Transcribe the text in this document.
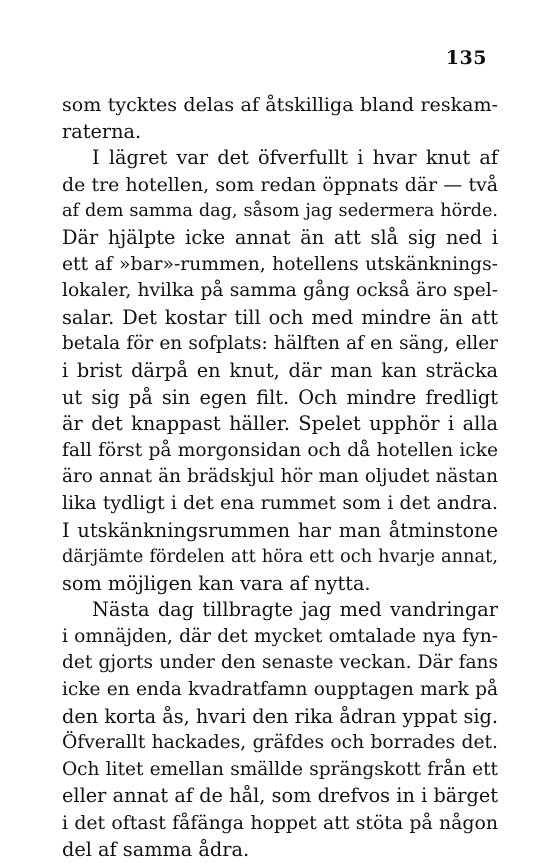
135
som tycktes delas af åtskilliga bland reskam-
raterna.
I lägret var det öfverfullt i hvar knut af
de tre hotellen, som redan öppnats där — två
af dem samma dag, såsom jag sedermera hörde.
Där hjälpte icke annat än att slå sig ned i
ett af »bar»-rummen, hotellens utskänknings-
lokaler, hvilka på samma gång också äro spel-
salar. Det kostar till och med mindre än att
betala för en sofplats: hälften af en säng, eller
i brist därpå en knut, där man kan sträcka
ut sig på sin egen filt. Och mindre fredligt
är det knappast häller. Spelet upphör i alla
fall först på morgonsidan och då hotellen icke
äro annat än brädskjul hör man oljudet nästan
lika tydligt i det ena rummet som i det andra.
I utskänkningsrummen har man åtminstone
därjämte fördelen att höra ett och hvarje annat,
som möjligen kan vara af nytta.
Nästa dag tillbragte jag med vandringar
i omnäjden, där det mycket omtalade nya fyn-
det gjorts under den senaste veckan. Där fans
icke en enda kvadratfamn oupptagen mark på
den korta ås, hvari den rika ådran yppat sig.
Öfverallt hackades, gräfdes och borrades det.
Och litet emellan smällde sprängskott från ett
eller annat af de hål, som drefvos in i bärget
i det oftast fåfänga hoppet att stöta på någon
del af samma ådra.
